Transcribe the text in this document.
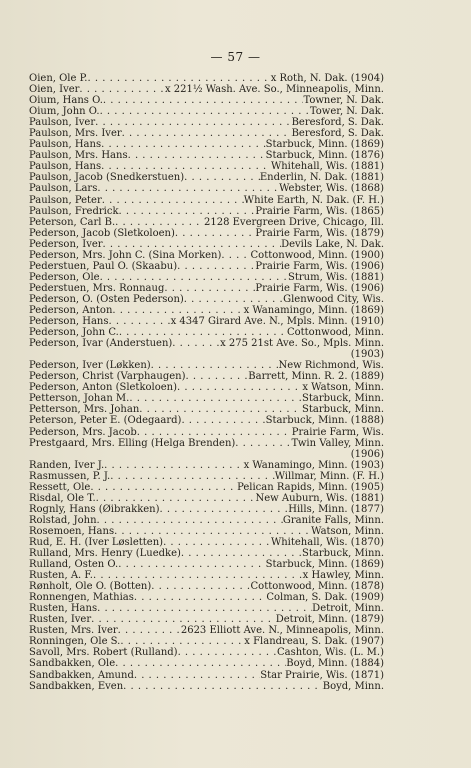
— 57 —
Oien, Ole P. . . .	x Roth, N. Dak. (1904)
Oien, Iver . . .	x 221½ Wash. Ave. So., Minneapolis, Minn.
Oium, Hans O. . . .	Towner, N. Dak.
Oium, John O. . . .	Tower, N. Dak.
Paulson, Iver . . .	Beresford, S. Dak.
Paulson, Mrs. Iver . . .	Beresford, S. Dak.
Paulson, Hans . . .	Starbuck, Minn. (1869)
Paulson, Mrs. Hans . . .	Starbuck, Minn. (1876)
Paulson, Hans . . .	Whitehall, Wis. (1881)
Paulson, Jacob (Snedkerstuen) . . .	Enderlin, N. Dak. (1881)
Paulson, Lars . . .	Webster, Wis. (1868)
Paulson, Peter . . .	White Earth, N. Dak. (F. H.)
Paulson, Fredrick . . .	Prairie Farm, Wis. (1865)
Peterson, Carl B. . . .	2128 Evergreen Drive, Chicago, Ill.
Pederson, Jacob (Sletkoloen) . . .	Prairie Farm, Wis. (1879)
Pederson, Iver . . .	Devils Lake, N. Dak.
Pederson, Mrs. John C. (Sina Morken) . . .	Cottonwood, Minn. (1900)
Pederstuen, Paul O. (Skaabu) . . .	Prairie Farm, Wis. (1906)
Pederson, Ole . . .	Strum, Wis. (1881)
Pederstuen, Mrs. Ronnaug . . .	Prairie Farm, Wis. (1906)
Pederson, O. (Osten Pederson) . . .	Glenwood City, Wis.
Pederson, Anton . . .	x Wanamingo, Minn. (1869)
Pederson, Hans . . .	x 4347 Girard Ave. N., Mpls. Minn. (1910)
Pederson, John C. . . .	Cottonwood, Minn.
Pederson, Ivar (Anderstuen) . . .	x 275 21st Ave. So., Mpls. Minn.
(1903)
Pederson, Iver (Løkken) . . .	New Richmond, Wis.
Pederson, Christ (Varphaugen) . . .	Barrett, Minn. R. 2. (1889)
Pederson, Anton (Sletkoloen) . . .	x Watson, Minn.
Petterson, Johan M. . . .	Starbuck, Minn.
Petterson, Mrs. Johan . . .	Starbuck, Minn.
Peterson, Peter E. (Odegaard) . . .	Starbuck, Minn. (1888)
Pederson, Mrs. Jacob . . .	Prairie Farm, Wis.
Prestgaard, Mrs. Elling (Helga Brenden) . . .	Twin Valley, Minn.
(1906)
Randen, Iver J. . . .	x Wanamingo, Minn. (1903)
Rasmussen, P. J. . . .	Willmar, Minn. (F. H.)
Ressett, Ole . . .	Pelican Rapids, Minn. (1905)
Risdal, Ole T. . . .	New Auburn, Wis. (1881)
Rognly, Hans (Øibrakken) . . .	Hills, Minn. (1877)
Rolstad, John . . .	Granite Falls, Minn.
Rosemoen, Hans . . .	Watson, Minn.
Rud, E. H. (Iver Løsletten) . . .	Whitehall, Wis. (1870)
Rulland, Mrs. Henry (Luedke) . . .	Starbuck, Minn.
Rulland, Osten O. . . .	Starbuck, Minn. (1869)
Rusten, A. F. . . .	x Hawley, Minn.
Rønholt, Ole O. (Botten) . . .	Cottonwood, Minn. (1878)
Ronnengen, Mathias . . .	Colman, S. Dak. (1909)
Rusten, Hans . . .	Detroit, Minn.
Rusten, Iver . . .	Detroit, Minn. (1879)
Rusten, Mrs. Iver . . .	2623 Elliott Ave. N., Minneapolis, Minn.
Ronningen, Ole S. . . .	x Flandreau, S. Dak. (1907)
Savoll, Mrs. Robert (Rulland) . . .	Cashton, Wis. (L. M.)
Sandbakken, Ole . . .	Boyd, Minn. (1884)
Sandbakken, Amund . . .	Star Prairie, Wis. (1871)
Sandbakken, Even . . .	Boyd, Minn.
